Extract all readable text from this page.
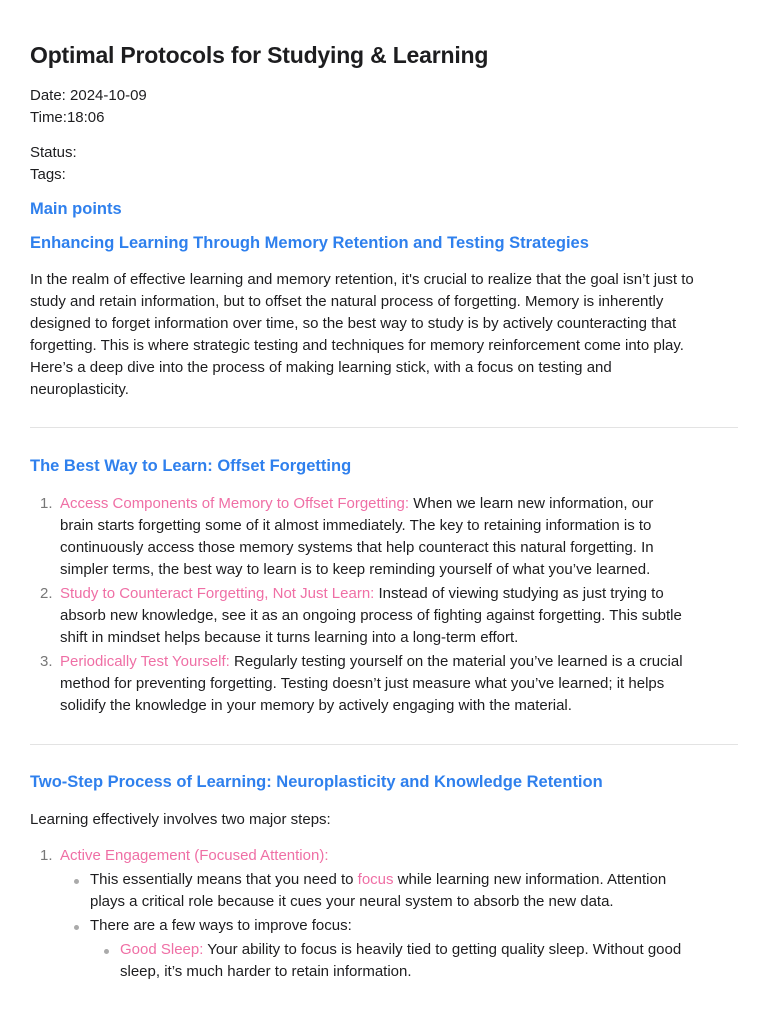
Optimal Protocols for Studying & Learning
Date: 2024-10-09
Time:18:06
Status:
Tags:
Main points
Enhancing Learning Through Memory Retention and Testing Strategies
In the realm of effective learning and memory retention, it's crucial to realize that the goal isn’t just to
study and retain information, but to offset the natural process of forgetting. Memory is inherently
designed to forget information over time, so the best way to study is by actively counteracting that
forgetting. This is where strategic testing and techniques for memory reinforcement come into play.
Here’s a deep dive into the process of making learning stick, with a focus on testing and
neuroplasticity.
The Best Way to Learn: Offset Forgetting
1. Access Components of Memory to Offset Forgetting: When we learn new information, our
brain starts forgetting some of it almost immediately. The key to retaining information is to
continuously access those memory systems that help counteract this natural forgetting. In
simpler terms, the best way to learn is to keep reminding yourself of what you’ve learned.
2. Study to Counteract Forgetting, Not Just Learn: Instead of viewing studying as just trying to
absorb new knowledge, see it as an ongoing process of fighting against forgetting. This subtle
shift in mindset helps because it turns learning into a long-term effort.
3. Periodically Test Yourself: Regularly testing yourself on the material you’ve learned is a crucial
method for preventing forgetting. Testing doesn’t just measure what you’ve learned; it helps
solidify the knowledge in your memory by actively engaging with the material.
Two-Step Process of Learning: Neuroplasticity and Knowledge Retention
Learning effectively involves two major steps:
1. Active Engagement (Focused Attention):
This essentially means that you need to focus while learning new information. Attention
plays a critical role because it cues your neural system to absorb the new data.
There are a few ways to improve focus:
Good Sleep: Your ability to focus is heavily tied to getting quality sleep. Without good
sleep, it’s much harder to retain information.
